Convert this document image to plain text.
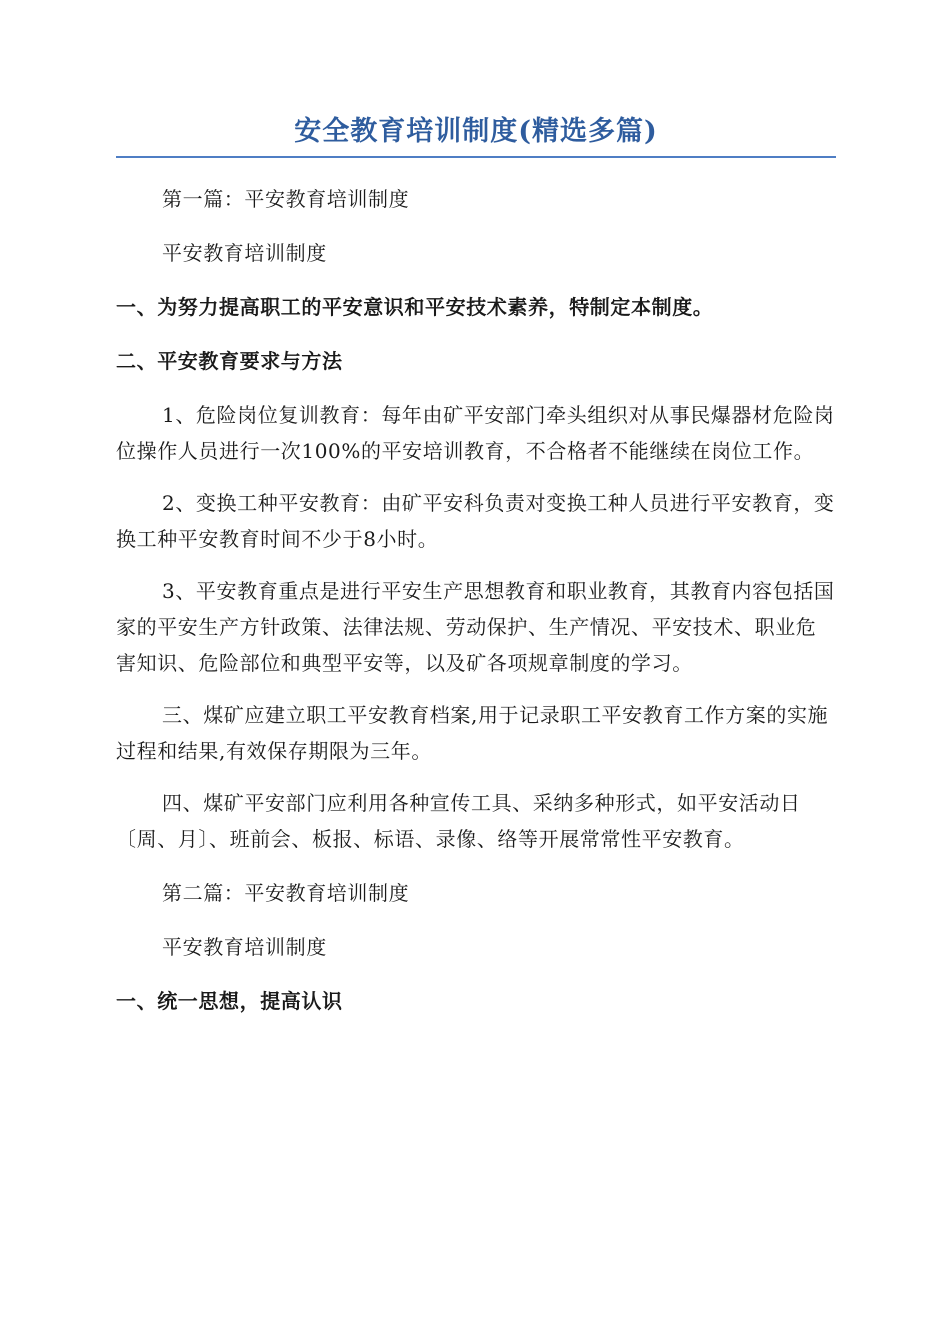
安全教育培训制度(精选多篇)

第一篇：平安教育培训制度

平安教育培训制度

一、为努力提高职工的平安意识和平安技术素养，特制定本制度。

二、平安教育要求与方法

1、危险岗位复训教育：每年由矿平安部门牵头组织对从事民爆器材危险岗位操作人员进行一次100%的平安培训教育，不合格者不能继续在岗位工作。

2、变换工种平安教育：由矿平安科负责对变换工种人员进行平安教育，变换工种平安教育时间不少于8小时。

3、平安教育重点是进行平安生产思想教育和职业教育，其教育内容包括国家的平安生产方针政策、法律法规、劳动保护、生产情况、平安技术、职业危害知识、危险部位和典型平安等，以及矿各项规章制度的学习。

三、煤矿应建立职工平安教育档案,用于记录职工平安教育工作方案的实施过程和结果,有效保存期限为三年。

四、煤矿平安部门应利用各种宣传工具、采纳多种形式，如平安活动日〔周、月〕、班前会、板报、标语、录像、络等开展常常性平安教育。

第二篇：平安教育培训制度

平安教育培训制度

一、统一思想，提高认识
